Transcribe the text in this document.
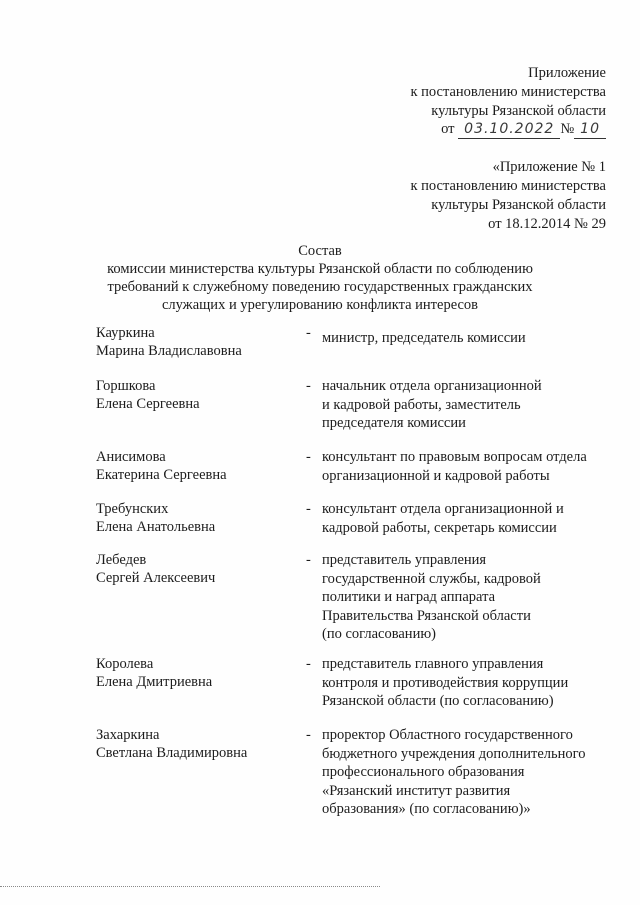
Приложение
к постановлению министерства
культуры Рязанской области
от 03.10.2022 № 10
«Приложение № 1
к постановлению министерства
культуры Рязанской области
от 18.12.2014 № 29
Состав
комиссии министерства культуры Рязанской области по соблюдению
требований к служебному поведению государственных гражданских
служащих и урегулированию конфликта интересов
Кауркина
Марина Владиславовна
- министр, председатель комиссии
Горшкова
Елена Сергеевна
- начальник отдела организационной
и кадровой работы, заместитель
председателя комиссии
Анисимова
Екатерина Сергеевна
- консультант по правовым вопросам отдела
организационной и кадровой работы
Требунских
Елена Анатольевна
- консультант отдела организационной и
кадровой работы, секретарь комиссии
Лебедев
Сергей Алексеевич
- представитель управления
государственной службы, кадровой
политики и наград аппарата
Правительства Рязанской области
(по согласованию)
Королева
Елена Дмитриевна
- представитель главного управления
контроля и противодействия коррупции
Рязанской области (по согласованию)
Захаркина
Светлана Владимировна
- проректор Областного государственного
бюджетного учреждения дополнительного
профессионального образования
«Рязанский институт развития
образования» (по согласованию)»
